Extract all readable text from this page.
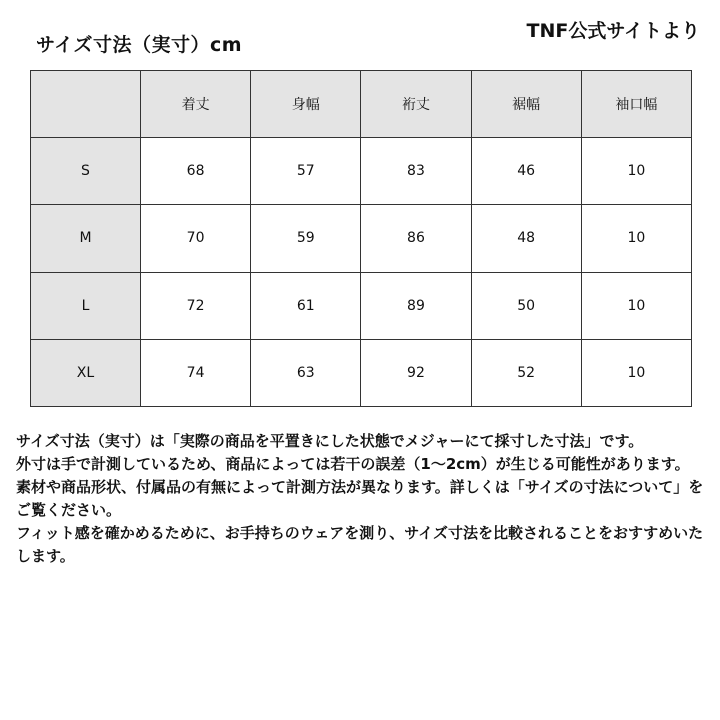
サイズ寸法（実寸）cm
TNF公式サイトより
	着丈	身幅	裄丈	裾幅	袖口幅
S	68	57	83	46	10
M	70	59	86	48	10
L	72	61	89	50	10
XL	74	63	92	52	10

サイズ寸法（実寸）は「実際の商品を平置きにした状態でメジャーにて採寸した寸法」です。

外寸は手で計測しているため、商品によっては若干の誤差（1〜2cm）が生じる可能性があります。

素材や商品形状、付属品の有無によって計測方法が異なります。詳しくは「サイズの寸法について」をご覧ください。

フィット感を確かめるために、お手持ちのウェアを測り、サイズ寸法を比較されることをおすすめいたします。
